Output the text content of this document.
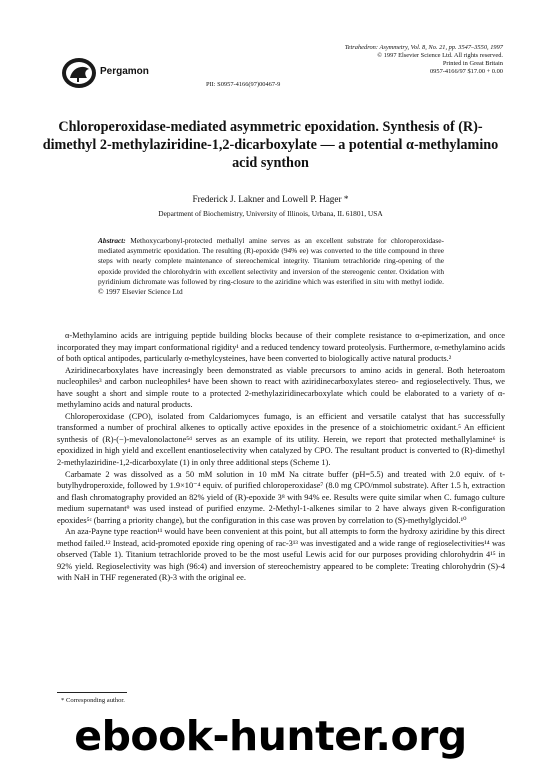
Pergamon
Tetrahedron: Asymmetry, Vol. 8, No. 21, pp. 3547–3550, 1997
© 1997 Elsevier Science Ltd. All rights reserved.
Printed in Great Britain
0957-4166/97 $17.00 + 0.00
PII: S0957-4166(97)00467-9
Chloroperoxidase-mediated asymmetric epoxidation. Synthesis of (R)-dimethyl 2-methylaziridine-1,2-dicarboxylate — a potential α-methylamino acid synthon
Frederick J. Lakner and Lowell P. Hager *
Department of Biochemistry, University of Illinois, Urbana, IL 61801, USA
Abstract: Methoxycarbonyl-protected methallyl amine serves as an excellent substrate for chloroperoxidase-mediated asymmetric epoxidation. The resulting (R)-epoxide (94% ee) was converted to the title compound in three steps with nearly complete maintenance of stereochemical integrity. Titanium tetrachloride ring-opening of the epoxide provided the chlorohydrin with excellent selectivity and inversion of the stereogenic center. Oxidation with pyridinium dichromate was followed by ring-closure to the aziridine which was esterified in situ with methyl iodide. © 1997 Elsevier Science Ltd

α-Methylamino acids are intriguing peptide building blocks because of their complete resistance to α-epimerization, and once incorporated they may impart conformational rigidity¹ and a reduced tendency toward proteolysis. Furthermore, α-methylamino acids of both optical antipodes, particularly α-methylcysteines, have been converted to biologically active natural products.²

Aziridinecarboxylates have increasingly been demonstrated as viable precursors to amino acids in general. Both heteroatom nucleophiles³ and carbon nucleophiles⁴ have been shown to react with aziridinecarboxylates stereo- and regioselectively. Thus, we have sought a short and simple route to a protected 2-methylaziridinecarboxylate which could be elaborated to a variety of α-methylamino acids and natural products.

Chloroperoxidase (CPO), isolated from Caldariomyces fumago, is an efficient and versatile catalyst that has successfully transformed a number of prochiral alkenes to optically active epoxides in the presence of a stoichiometric oxidant.⁵ An efficient synthesis of (R)-(−)-mevalonolactone⁵ᵈ serves as an example of its utility. Herein, we report that protected methallylamine⁶ is epoxidized in high yield and excellent enantioselectivity when catalyzed by CPO. The resultant product is converted to (R)-dimethyl 2-methylaziridine-1,2-dicarboxylate (1) in only three additional steps (Scheme 1).

Carbamate 2 was dissolved as a 50 mM solution in 10 mM Na citrate buffer (pH=5.5) and treated with 2.0 equiv. of t-butylhydroperoxide, followed by 1.9×10⁻⁴ equiv. of purified chloroperoxidase⁷ (8.0 mg CPO/mmol substrate). After 1.5 h, extraction and flash chromatography provided an 82% yield of (R)-epoxide 3⁸ with 94% ee. Results were quite similar when C. fumago culture medium supernatant⁹ was used instead of purified enzyme. 2-Methyl-1-alkenes similar to 2 have always given R-configuration epoxides⁵ᶜ (barring a priority change), but the configuration in this case was proven by correlation to (S)-methylglycidol.¹⁰

An aza-Payne type reaction¹¹ would have been convenient at this point, but all attempts to form the hydroxy aziridine by this direct method failed.¹² Instead, acid-promoted epoxide ring opening of rac-3¹³ was investigated and a wide range of regioselectivities¹⁴ was observed (Table 1). Titanium tetrachloride proved to be the most useful Lewis acid for our purposes providing chlorohydrin 4¹⁵ in 92% yield. Regioselectivity was high (96:4) and inversion of stereochemistry appeared to be complete: Treating chlorohydrin (S)-4 with NaH in THF regenerated (R)-3 with the original ee.

* Corresponding author.
ebook-hunter.org
